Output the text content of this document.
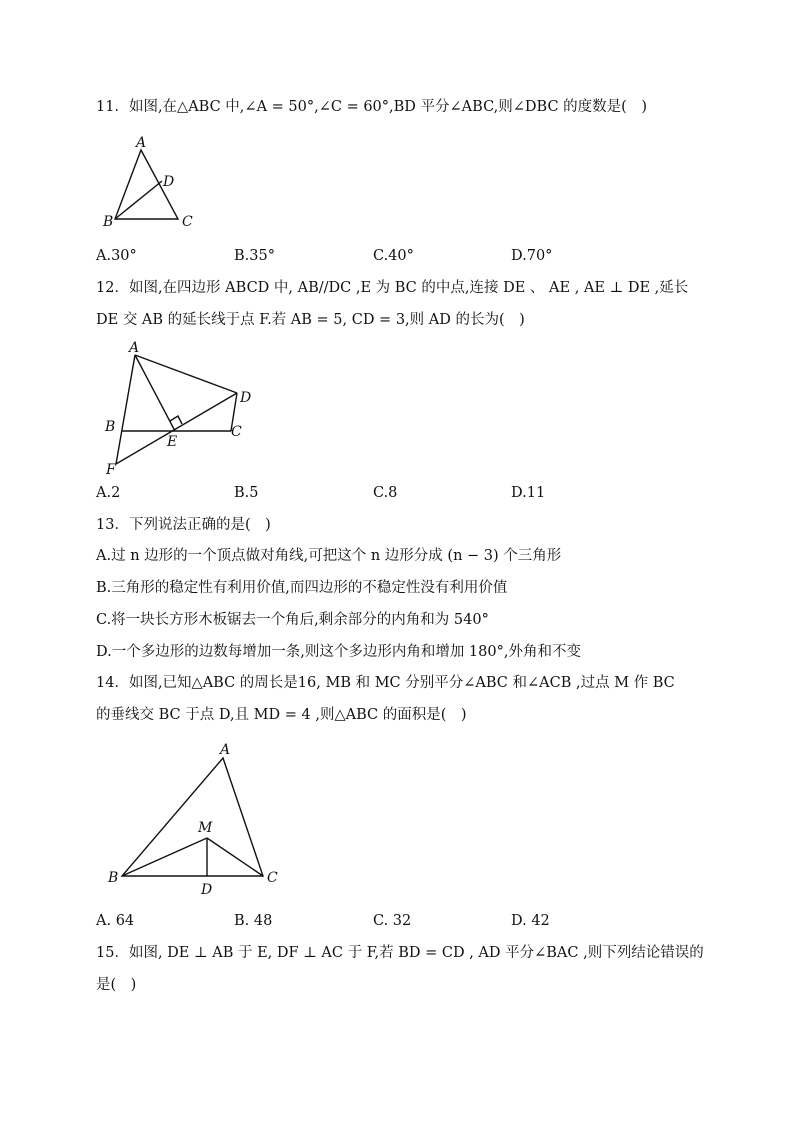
11．如图,在△ABC 中,∠A = 50°,∠C = 60°,BD 平分∠ABC,则∠DBC 的度数是(　)
A
B	C
D
A.30°	B.35°	C.40°	D.70°
12．如图,在四边形 ABCD 中, AB//DC ,E 为 BC 的中点,连接 DE 、 AE , AE ⊥ DE ,延长
DE 交 AB 的延长线于点 F.若 AB = 5, CD = 3,则 AD 的长为(　)
A
B	C
D
E
F
A.2	B.5	C.8	D.11
13．下列说法正确的是(　)
A.过 n 边形的一个顶点做对角线,可把这个 n 边形分成 (n − 3) 个三角形
B.三角形的稳定性有利用价值,而四边形的不稳定性没有利用价值
C.将一块长方形木板锯去一个角后,剩余部分的内角和为 540°
D.一个多边形的边数每增加一条,则这个多边形内角和增加 180°,外角和不变
14．如图,已知△ABC 的周长是16, MB 和 MC 分别平分∠ABC 和∠ACB ,过点 M 作 BC
的垂线交 BC 于点 D,且 MD = 4 ,则△ABC 的面积是(　)
A
B	C
D
M
A. 64	B. 48	C. 32	D. 42
15．如图, DE ⊥ AB 于 E, DF ⊥ AC 于 F,若 BD = CD , AD 平分∠BAC ,则下列结论错误的
是(　)
